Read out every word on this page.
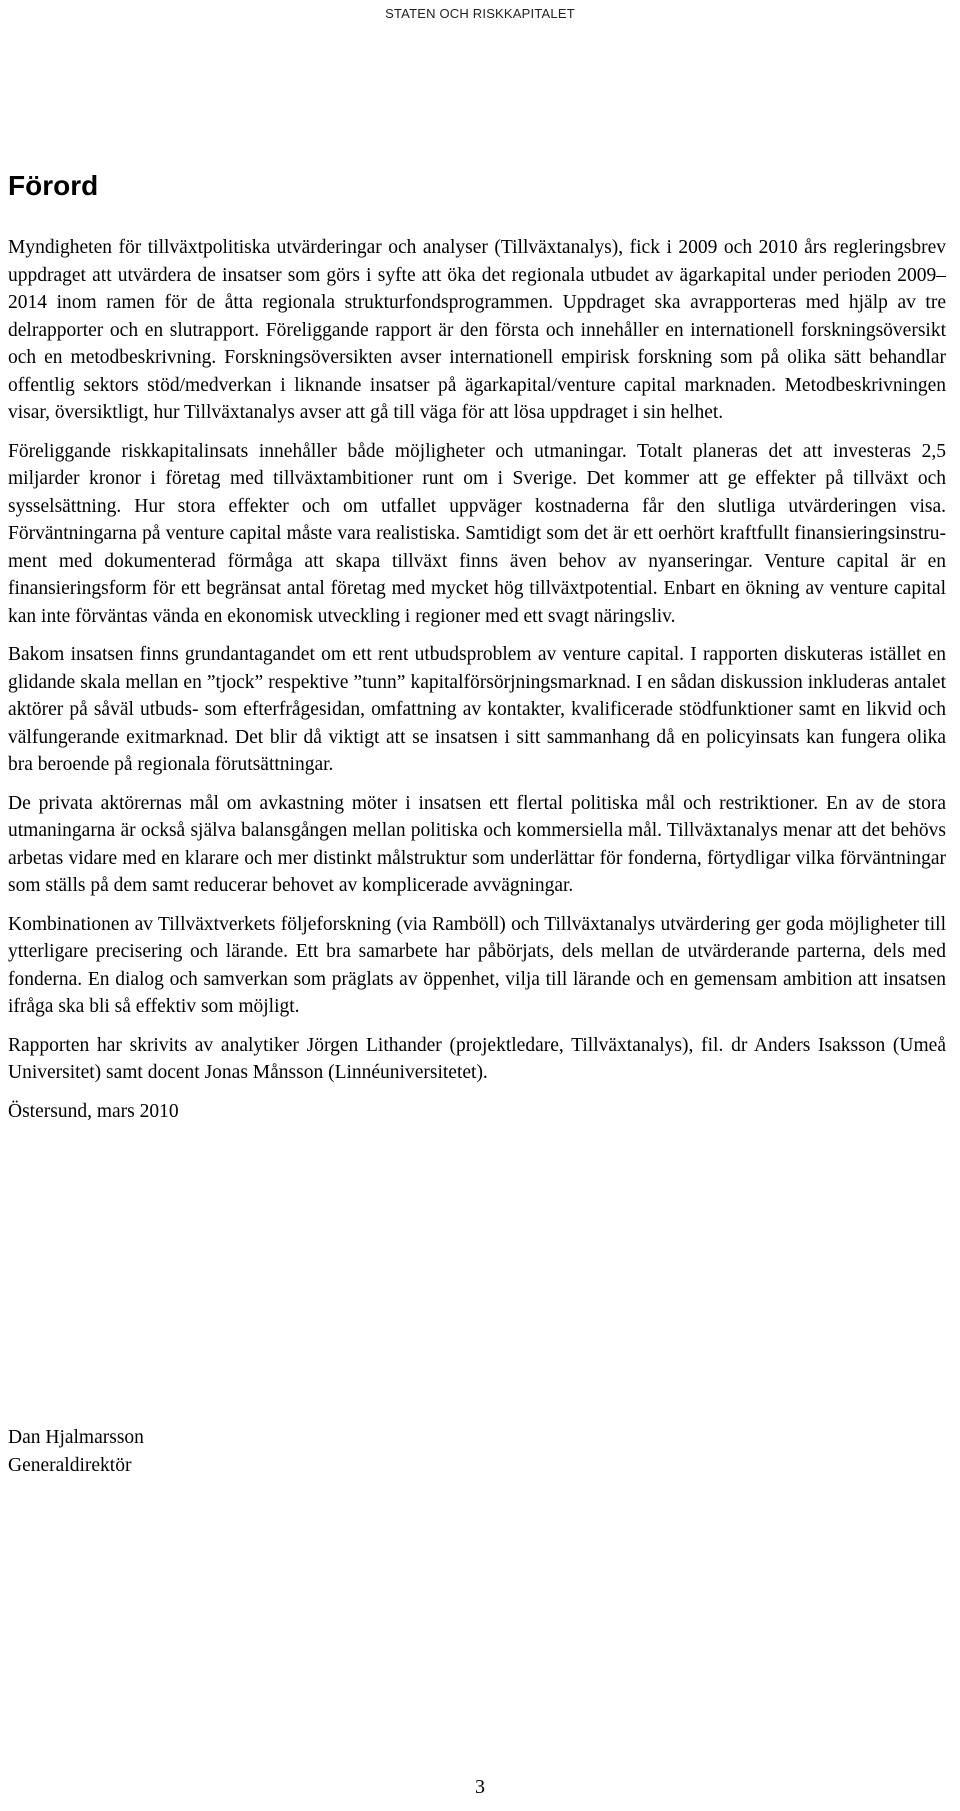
STATEN OCH RISKKAPITALET
Förord

Myndigheten för tillväxtpolitiska utvärderingar och analyser (Tillväxtanalys), fick i 2009 och 2010 års regleringsbrev uppdraget att utvärdera de insatser som görs i syfte att öka det regionala utbudet av ägarkapital under perioden 2009–2014 inom ramen för de åtta regionala strukturfondsprogrammen. Uppdraget ska avrapporteras med hjälp av tre delrapporter och en slutrapport. Föreliggande rapport är den första och innehåller en internationell forskningsöversikt och en metodbeskrivning. Forskningsöversikten avser internationell empirisk forskning som på olika sätt behandlar offentlig sektors stöd/medverkan i liknande insatser på ägarkapital/venture capital marknaden. Metodbeskrivningen visar, översiktligt, hur Tillväxtanalys avser att gå till väga för att lösa uppdraget i sin helhet.

Föreliggande riskkapitalinsats innehåller både möjligheter och utmaningar. Totalt planeras det att investeras 2,5 miljarder kronor i företag med tillväxtambitioner runt om i Sverige. Det kommer att ge effekter på tillväxt och sysselsättning. Hur stora effekter och om utfallet uppväger kostnaderna får den slutliga utvärderingen visa. Förväntningarna på venture capital måste vara realistiska. Samtidigt som det är ett oerhört kraftfullt finansieringsinstrument med dokumenterad förmåga att skapa tillväxt finns även behov av nyanseringar. Venture capital är en finansieringsform för ett begränsat antal företag med mycket hög tillväxtpotential. Enbart en ökning av venture capital kan inte förväntas vända en ekonomisk utveckling i regioner med ett svagt näringsliv.

Bakom insatsen finns grundantagandet om ett rent utbudsproblem av venture capital. I rapporten diskuteras istället en glidande skala mellan en ”tjock” respektive ”tunn” kapitalförsörjningsmarknad. I en sådan diskussion inkluderas antalet aktörer på såväl utbuds- som efterfrågesidan, omfattning av kontakter, kvalificerade stödfunktioner samt en likvid och välfungerande exitmarknad. Det blir då viktigt att se insatsen i sitt sammanhang då en policyinsats kan fungera olika bra beroende på regionala förutsättningar.

De privata aktörernas mål om avkastning möter i insatsen ett flertal politiska mål och restriktioner. En av de stora utmaningarna är också själva balansgången mellan politiska och kommersiella mål. Tillväxtanalys menar att det behövs arbetas vidare med en klarare och mer distinkt målstruktur som underlättar för fonderna, förtydligar vilka förväntningar som ställs på dem samt reducerar behovet av komplicerade avvägningar.

Kombinationen av Tillväxtverkets följeforskning (via Ramböll) och Tillväxtanalys utvärdering ger goda möjligheter till ytterligare precisering och lärande. Ett bra samarbete har påbörjats, dels mellan de utvärderande parterna, dels med fonderna. En dialog och samverkan som präglats av öppenhet, vilja till lärande och en gemensam ambition att insatsen ifråga ska bli så effektiv som möjligt.

Rapporten har skrivits av analytiker Jörgen Lithander (projektledare, Tillväxtanalys), fil. dr Anders Isaksson (Umeå Universitet) samt docent Jonas Månsson (Linnéuniversitetet).

Östersund, mars 2010

Dan Hjalmarsson
Generaldirektör
3
